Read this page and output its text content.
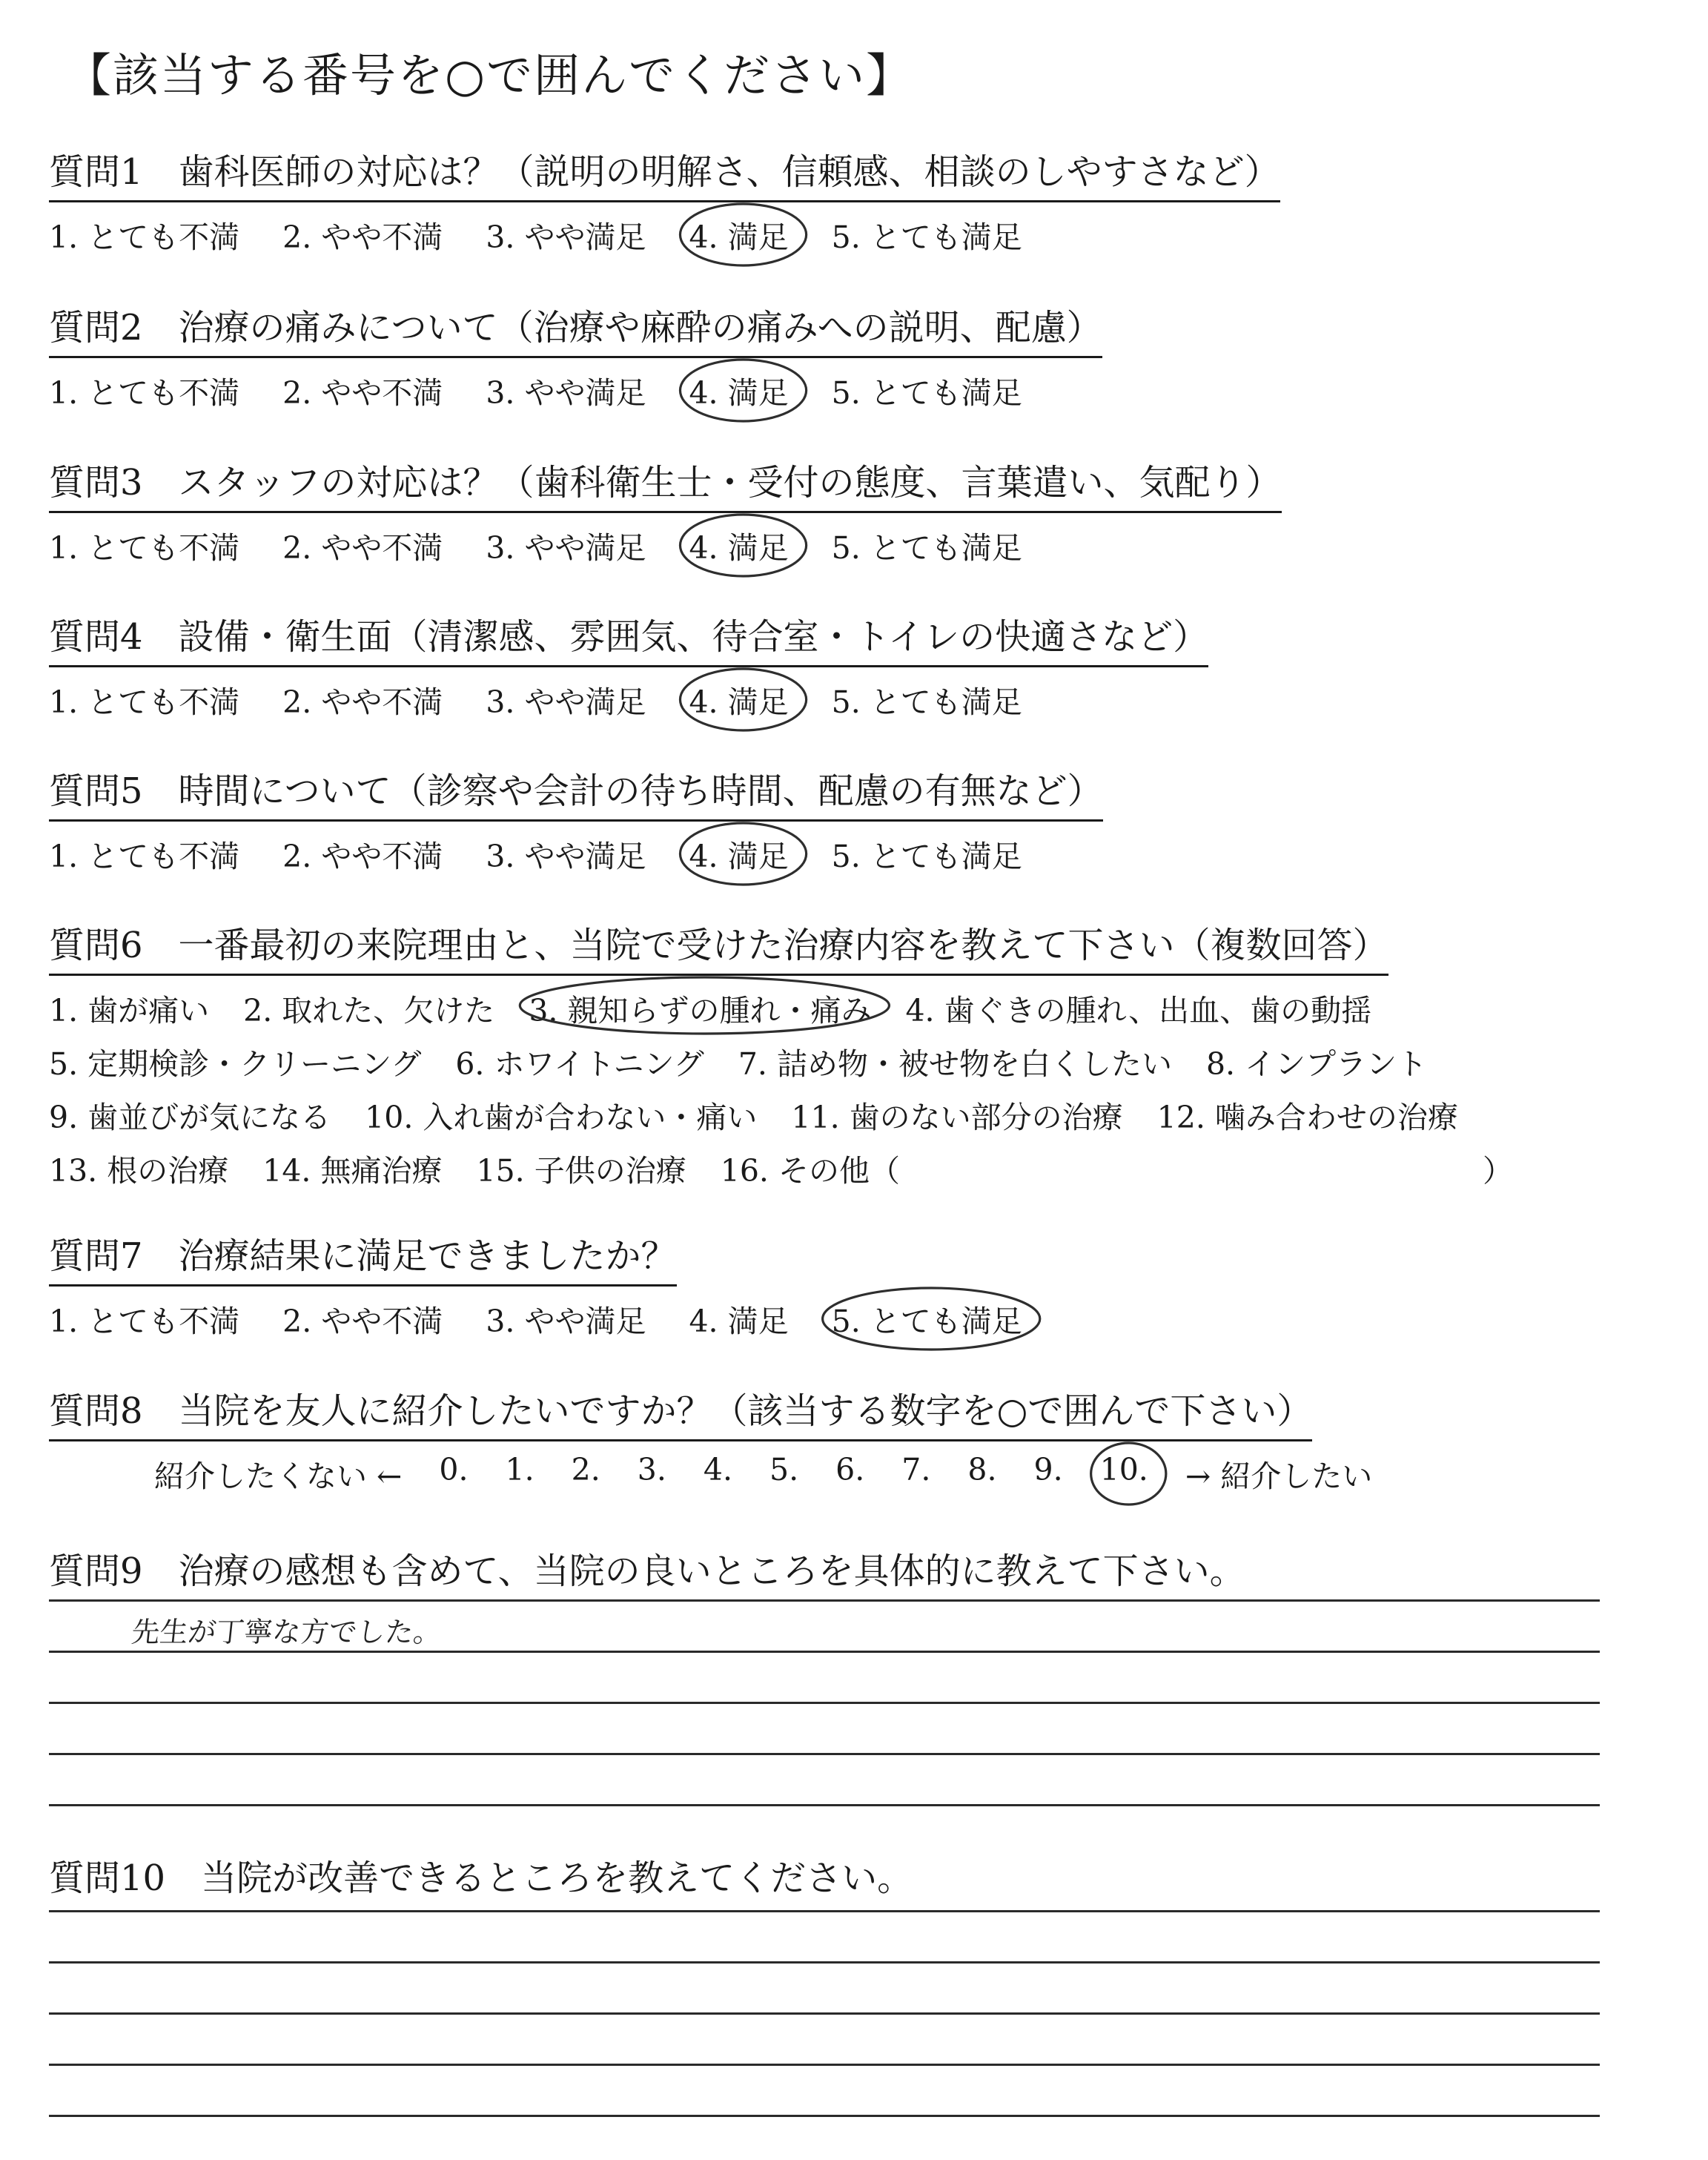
【該当する番号を○で囲んでください】
質問1　歯科医師の対応は？（説明の明解さ、信頼感、相談のしやすさなど）
1. とても不満 2. やや不満 3. やや満足 4. 満足 5. とても満足
質問2　治療の痛みについて（治療や麻酔の痛みへの説明、配慮）
1. とても不満 2. やや不満 3. やや満足 4. 満足 5. とても満足
質問3　スタッフの対応は？（歯科衛生士・受付の態度、言葉遣い、気配り）
1. とても不満 2. やや不満 3. やや満足 4. 満足 5. とても満足
質問4　設備・衛生面（清潔感、雰囲気、待合室・トイレの快適さなど）
1. とても不満 2. やや不満 3. やや満足 4. 満足 5. とても満足
質問5　時間について（診察や会計の待ち時間、配慮の有無など）
1. とても不満 2. やや不満 3. やや満足 4. 満足 5. とても満足
質問6　一番最初の来院理由と、当院で受けた治療内容を教えて下さい（複数回答）
1. 歯が痛い 2. 取れた、欠けた 3. 親知らずの腫れ・痛み 4. 歯ぐきの腫れ、出血、歯の動揺
5. 定期検診・クリーニング 6. ホワイトニング 7. 詰め物・被せ物を白くしたい 8. インプラント
9. 歯並びが気になる 10. 入れ歯が合わない・痛い 11. 歯のない部分の治療 12. 噛み合わせの治療
13. 根の治療 14. 無痛治療 15. 子供の治療 16. その他（	）
質問7　治療結果に満足できましたか？
1. とても不満 2. やや不満 3. やや満足 4. 満足 5. とても満足
質問8　当院を友人に紹介したいですか？（該当する数字を○で囲んで下さい）
紹介したくない ← 0. 1. 2. 3. 4. 5. 6. 7. 8. 9. 10. → 紹介したい
質問9　治療の感想も含めて、当院の良いところを具体的に教えて下さい。
先生が丁寧な方でした。
質問10　当院が改善できるところを教えてください。
